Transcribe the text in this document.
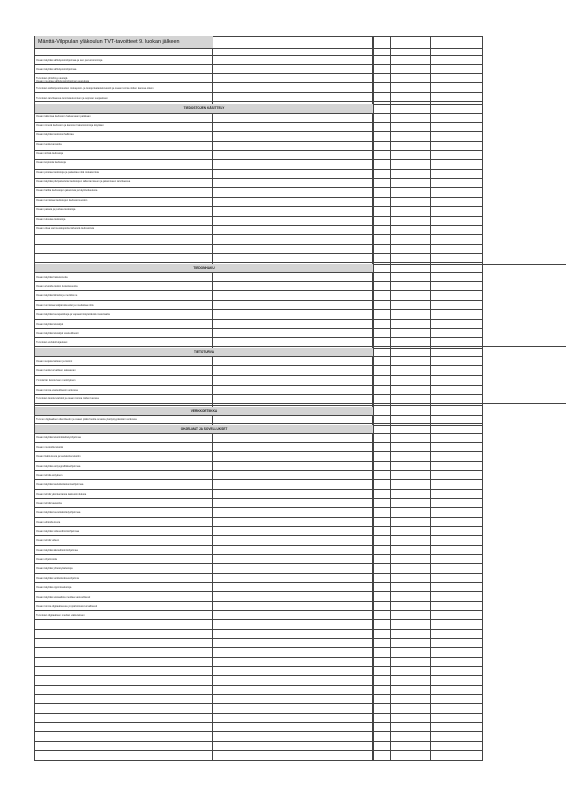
Mänttä-Vilppulan yläkoulun TVT-tavoitteet 9. luokan jälkeen
Osaan käyttää sähköpostiohjelmaa ja sen perustoimintoja
Osaan käyttää sähköpostiohjelmaa
Tunnistan phishing-viestejä
Osaan muuttaa sähköpostiohjelman asetuksia
Tunnistan sähköpostiviestien roskaposti- ja tietojenkalasteluviestit ja osaan toimia niiden kanssa oikein
Tunnistan tarvittaessa tunnistautumisen ja sopivan suojauksen
Osaan tallentaa tiedoston haluamaani paikkaan
Osaan nimetä tiedoston ja kansion hakutoimintoja käyttäen
Osaan käyttää tiedostonhallintaa
Osaan luoda kansioita
Osaan siirtää tiedostoja
Osaan kopioida tiedostoja
Osaan poistaa tiedostoja ja palauttaa niitä roskakorista
Osaan käyttää pilvipalveluita tiedostojen tallentamiseen ja jakamiseen tarvittaessa
Osaan hallita tiedostojen jakamista ja käyttöoikeuksia
Osaan tunnistaa tiedostojen tiedostomuodon
Osaan pakata ja purkaa tiedostoja
Osaan tulostaa tiedostoja
Osaan ottaa varmuuskopioita tärkeistä tiedostoista
Osaan käyttää hakukonetta
Osaan arvioida tiedon luotettavuutta
Osaan käyttää lähteitä ja merkitä ne
Osaan tunnistaa tekijänoikeudet ja noudattaa niitä
Osaan käyttää kuvapankkeja ja vapaasti käytettävää materiaalia
Osaan käyttää tekoälyä
Osaan käyttää tekoälyä vastuullisesti
Tunnistan verkkohuijaukset
Osaan suojata laitteen ja tietoni
Osaan luoda turvallisen salasanan
Ymmärrän tietoturvan merkityksen
Osaan toimia vastuullisesti verkossa
Tunnistan tietoturvariskit ja osaan toimia niiden kanssa
Tunnen digitaalisen identiteetin ja osaan pitää huolta omasta yksityisyydestäni verkossa
Osaan käyttää tekstinkäsittelyohjelmaa
Osaan muotoilla tekstiä
Osaan lisätä kuvia ja taulukoita tekstiin
Osaan käyttää esitysgrafiikkaohjelmaa
Osaan tehdä esityksen
Osaan käyttää taulukkolaskentaohjelmaa
Osaan tehdä yksinkertaisia laskutoimituksia
Osaan tehdä kaavioita
Osaan käyttää kuvankäsittelyohjelmaa
Osaan editoida kuvia
Osaan käyttää videoeditointiohjelmaa
Osaan tehdä videon
Osaan käyttää äänieditointiohjelmaa
Osaan ohjelmoida
Osaan käyttää yhteistyöalustoja
Osaan käyttää verkkokokousohjelmia
Osaan käyttää oppimisalustoja
Osaan käyttää sosiaalista mediaa vastuullisesti
Osaan toimia digitaalisessa ympäristössä turvallisesti
Tunnistan digitaalisen median vaikutuksen
TIEDOSTOJEN KÄSITTELY
TIEDONHAKU
TIETOTURVA
VERKKOETIIKKA
OHJELMAT JA SOVELLUKSET
